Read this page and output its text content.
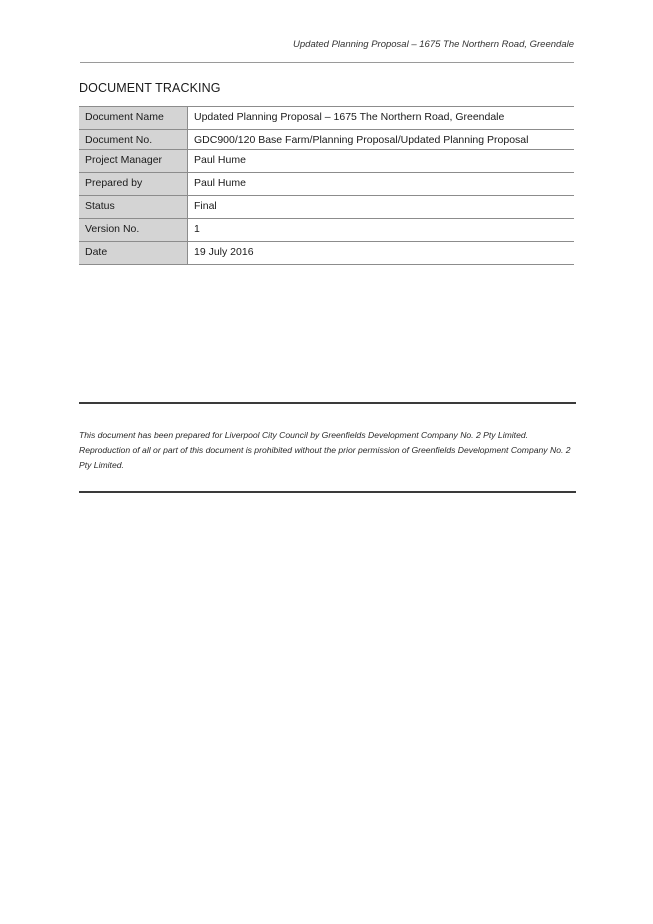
Updated Planning Proposal – 1675 The Northern Road, Greendale
DOCUMENT TRACKING
Document Name	Updated Planning Proposal – 1675 The Northern Road, Greendale
Document No.	GDC900/120 Base Farm/Planning Proposal/Updated Planning Proposal
Project Manager	Paul Hume
Prepared by	Paul Hume
Status	Final
Version No.	1
Date	19 July 2016
This document has been prepared for Liverpool City Council by Greenfields Development Company No. 2 Pty Limited. Reproduction of all or part of this document is prohibited without the prior permission of Greenfields Development Company No. 2 Pty Limited.
